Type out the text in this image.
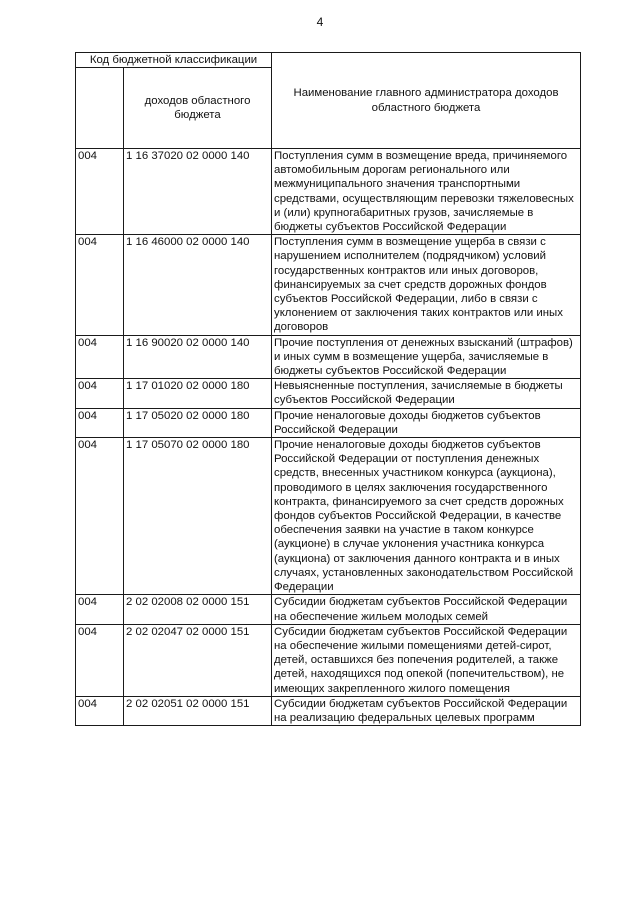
4
Код бюджетной классификации		Наименование главного администратора доходов областного бюджета
	доходов областного бюджета	
004	1 16 37020 02 0000 140	Поступления сумм в возмещение вреда, причиняемого автомобильным дорогам регионального или межмуниципального значения транспортными средствами, осуществляющим перевозки тяжеловесных и (или) крупногабаритных грузов, зачисляемые в бюджеты субъектов Российской Федерации
004	1 16 46000 02 0000 140	Поступления сумм в возмещение ущерба в связи с нарушением исполнителем (подрядчиком) условий государственных контрактов или иных договоров, финансируемых за счет средств дорожных фондов субъектов Российской Федерации, либо в связи с уклонением от заключения таких контрактов или иных договоров
004	1 16 90020 02 0000 140	Прочие поступления от денежных взысканий (штрафов) и иных сумм в возмещение ущерба, зачисляемые в бюджеты субъектов Российской Федерации
004	1 17 01020 02 0000 180	Невыясненные поступления, зачисляемые в бюджеты субъектов Российской Федерации
004	1 17 05020 02 0000 180	Прочие неналоговые доходы бюджетов субъектов Российской Федерации
004	1 17 05070 02 0000 180	Прочие неналоговые доходы бюджетов субъектов Российской Федерации от поступления денежных средств, внесенных участником конкурса (аукциона), проводимого в целях заключения государственного контракта, финансируемого за счет средств дорожных фондов субъектов Российской Федерации, в качестве обеспечения заявки на участие в таком конкурсе (аукционе) в случае уклонения участника конкурса (аукциона) от заключения данного контракта и в иных случаях, установленных законодательством Российской Федерации
004	2 02 02008 02 0000 151	Субсидии бюджетам субъектов Российской Федерации на обеспечение жильем молодых семей
004	2 02 02047 02 0000 151	Субсидии бюджетам субъектов Российской Федерации на обеспечение жилыми помещениями детей-сирот, детей, оставшихся без попечения родителей, а также детей, находящихся под опекой (попечительством), не имеющих закрепленного жилого помещения
004	2 02 02051 02 0000 151	Субсидии бюджетам субъектов Российской Федерации на реализацию федеральных целевых программ
